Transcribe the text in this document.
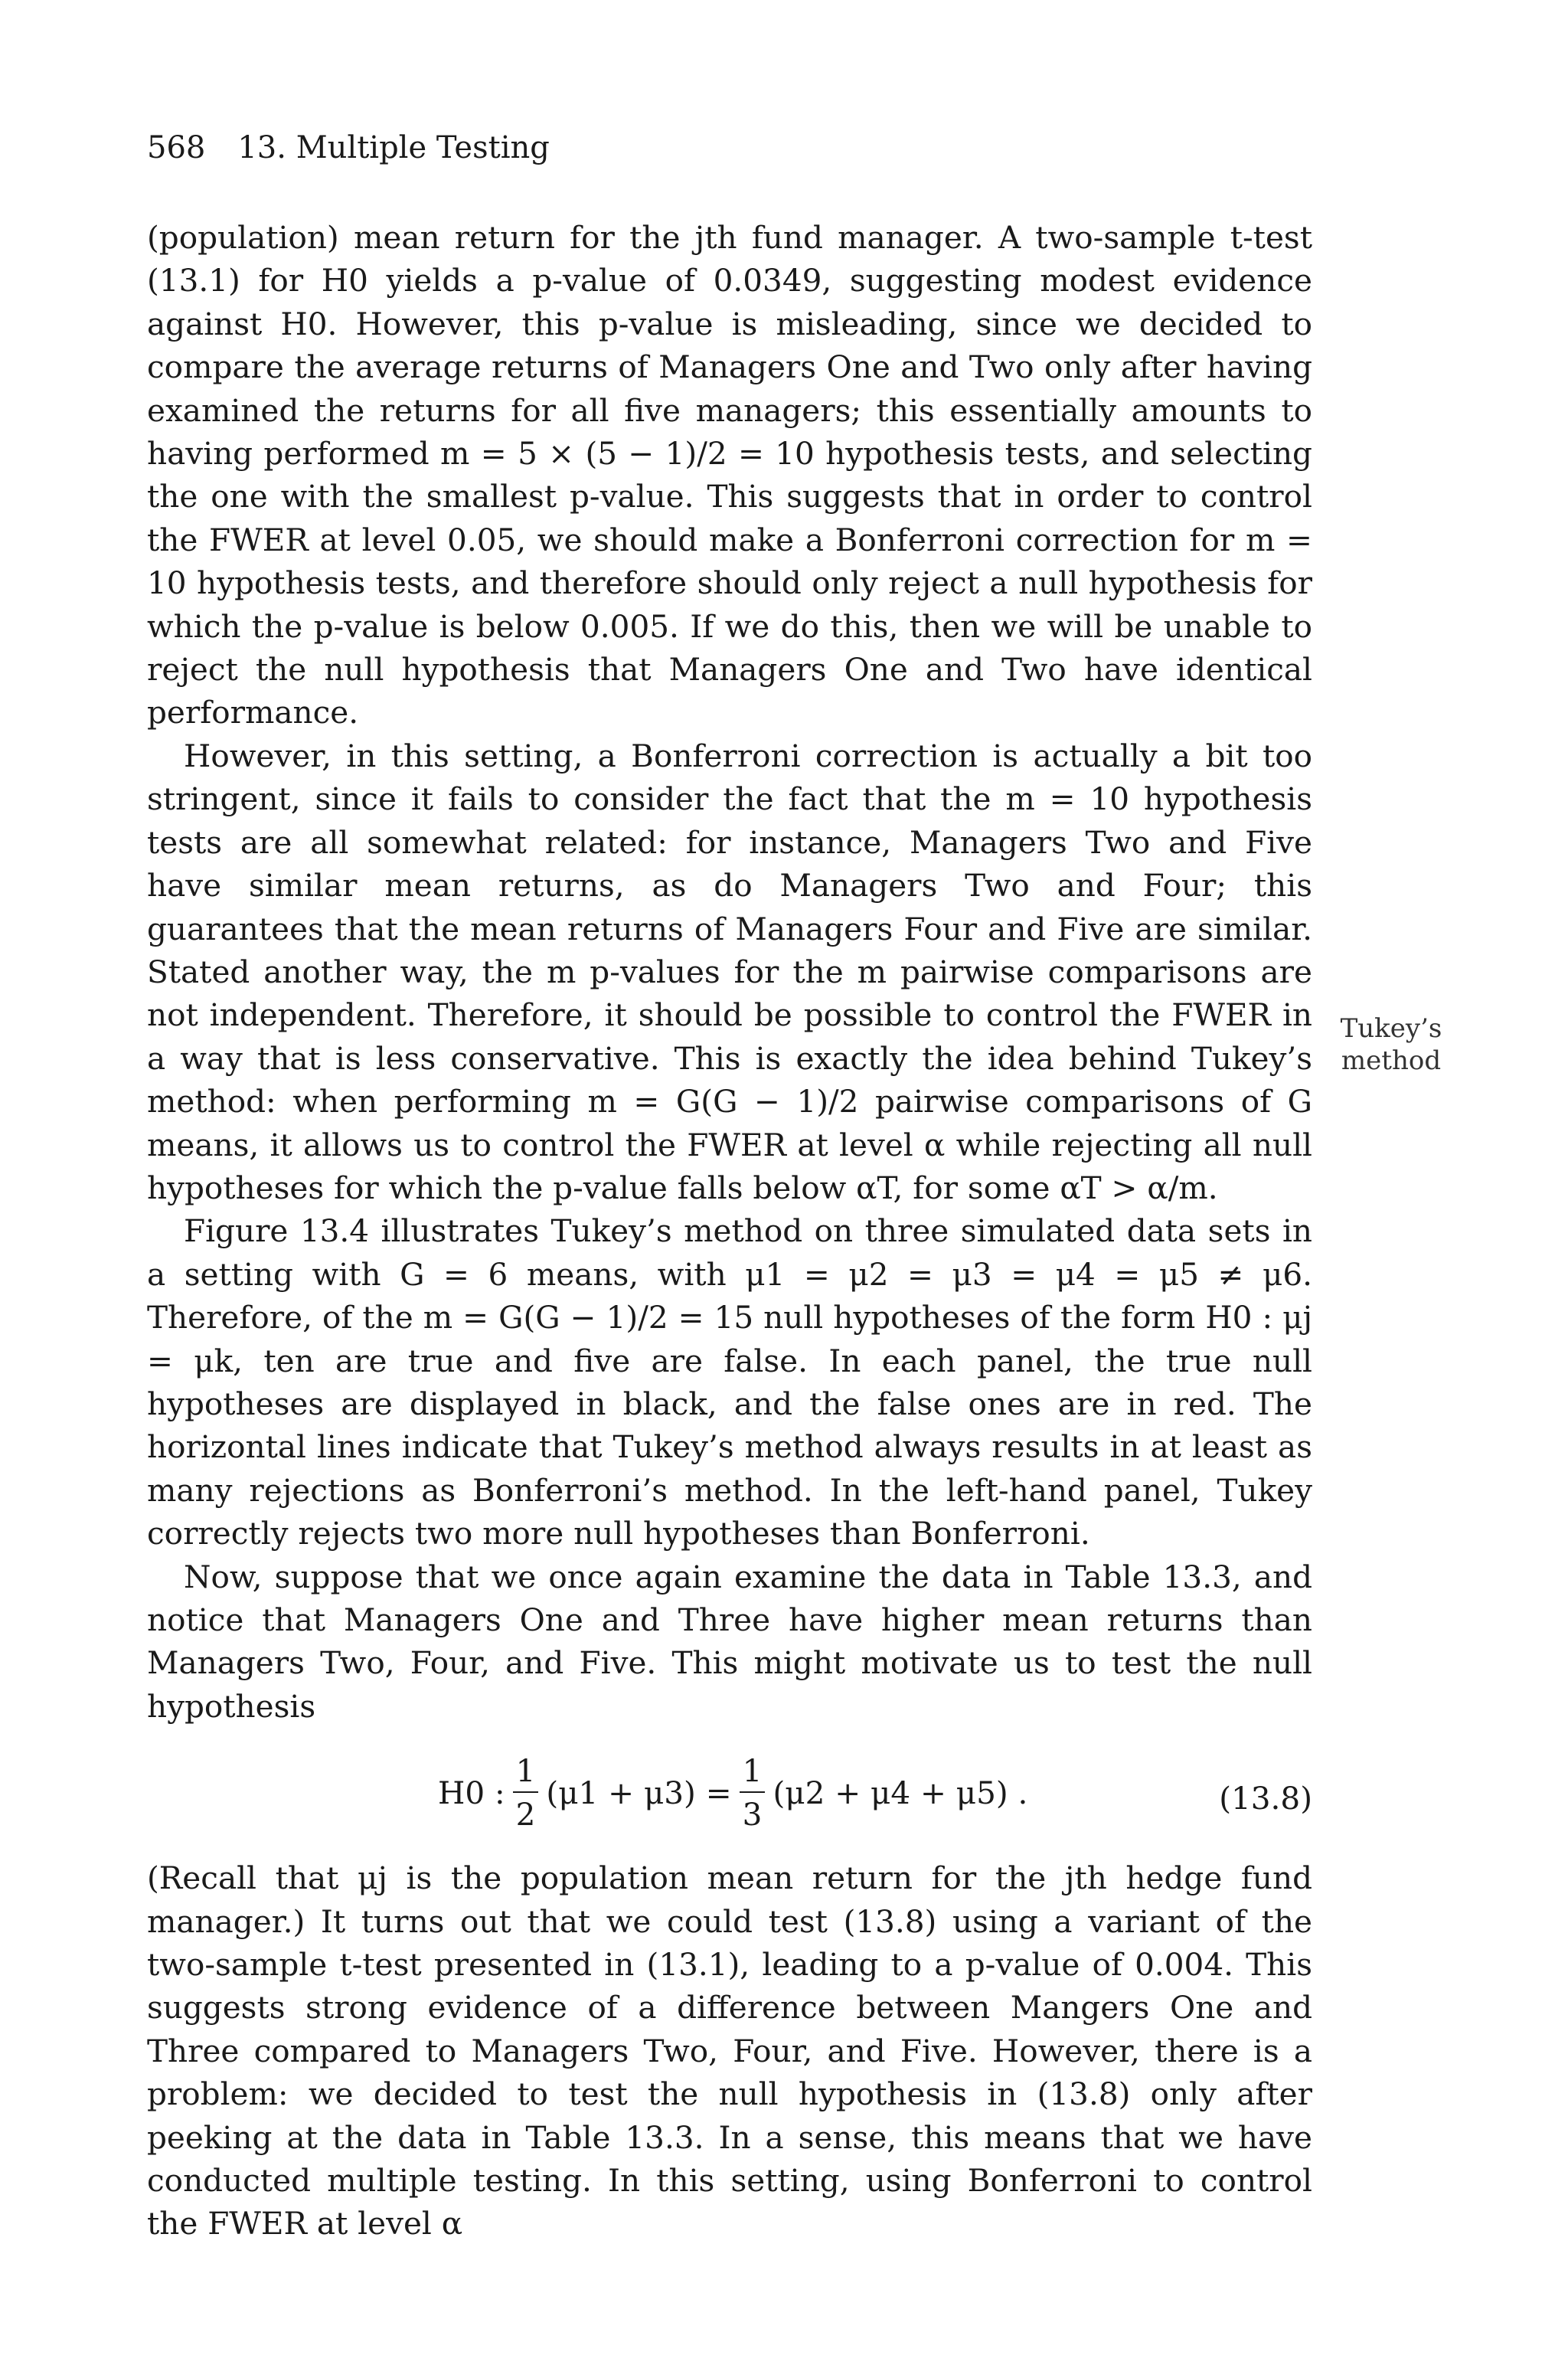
568 13. Multiple Testing
Tukey’s
method

(population) mean return for the jth fund manager. A two-sample t-test (13.1) for H0 yields a p-value of 0.0349, suggesting modest evidence against H0. However, this p-value is misleading, since we decided to compare the average returns of Managers One and Two only after having examined the returns for all five managers; this essentially amounts to having performed m = 5 × (5 − 1)/2 = 10 hypothesis tests, and selecting the one with the smallest p-value. This suggests that in order to control the FWER at level 0.05, we should make a Bonferroni correction for m = 10 hypothesis tests, and therefore should only reject a null hypothesis for which the p-value is below 0.005. If we do this, then we will be unable to reject the null hypothesis that Managers One and Two have identical performance.

However, in this setting, a Bonferroni correction is actually a bit too stringent, since it fails to consider the fact that the m = 10 hypothesis tests are all somewhat related: for instance, Managers Two and Five have similar mean returns, as do Managers Two and Four; this guarantees that the mean returns of Managers Four and Five are similar. Stated another way, the m p-values for the m pairwise comparisons are not independent. Therefore, it should be possible to control the FWER in a way that is less conservative. This is exactly the idea behind Tukey’s method: when performing m = G(G − 1)/2 pairwise comparisons of G means, it allows us to control the FWER at level α while rejecting all null hypotheses for which the p-value falls below αT, for some αT > α/m.

Figure 13.4 illustrates Tukey’s method on three simulated data sets in a setting with G = 6 means, with μ1 = μ2 = μ3 = μ4 = μ5 ≠ μ6. Therefore, of the m = G(G − 1)/2 = 15 null hypotheses of the form H0 : μj = μk, ten are true and five are false. In each panel, the true null hypotheses are displayed in black, and the false ones are in red. The horizontal lines indicate that Tukey’s method always results in at least as many rejections as Bonferroni’s method. In the left-hand panel, Tukey correctly rejects two more null hypotheses than Bonferroni.

Now, suppose that we once again examine the data in Table 13.3, and notice that Managers One and Three have higher mean returns than Managers Two, Four, and Five. This might motivate us to test the null hypothesis

H0 : $\frac{1}{2} (\mu 1 + \mu 3) = \frac{1}{3} (\mu 2 + \mu 4 + \mu 5)$ .	(13.8)

(Recall that μj is the population mean return for the jth hedge fund manager.) It turns out that we could test (13.8) using a variant of the two-sample t-test presented in (13.1), leading to a p-value of 0.004. This suggests strong evidence of a difference between Mangers One and Three compared to Managers Two, Four, and Five. However, there is a problem: we decided to test the null hypothesis in (13.8) only after peeking at the data in Table 13.3. In a sense, this means that we have conducted multiple testing. In this setting, using Bonferroni to control the FWER at level α
